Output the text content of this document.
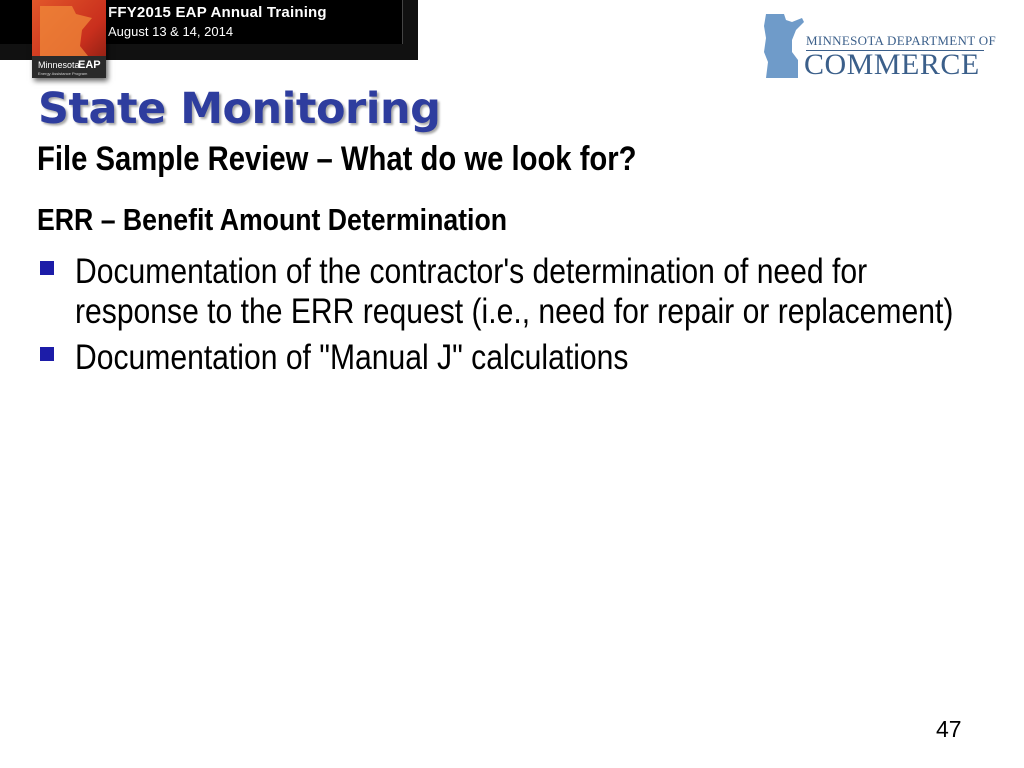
FFY2015 EAP Annual Training
August 13 & 14, 2014
Minnesota
EAP
Energy Assistance Program
MINNESOTA DEPARTMENT OF
COMMERCE
State Monitoring
File Sample Review – What do we look for?
ERR – Benefit Amount Determination
Documentation of the contractor's determination of need for response to the ERR request (i.e., need for repair or replacement)
Documentation of "Manual J" calculations
47
